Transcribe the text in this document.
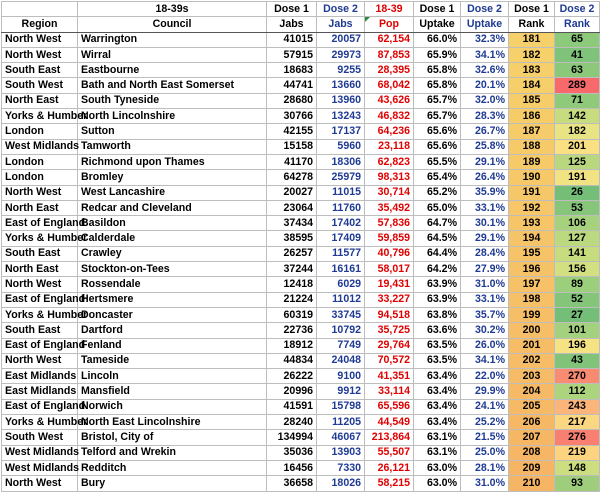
	18-39s	Dose 1	Dose 2	18-39	Dose 1	Dose 2	Dose 1	Dose 2
Region	Council	Jabs	Jabs	Pop	Uptake	Uptake	Rank	Rank
North West	Warrington	41015	20057	62,154	66.0%	32.3%	181	65
North West	Wirral	57915	29973	87,853	65.9%	34.1%	182	41
South East	Eastbourne	18683	9255	28,395	65.8%	32.6%	183	63
South West	Bath and North East Somerset	44741	13660	68,042	65.8%	20.1%	184	289
North East	South Tyneside	28680	13960	43,626	65.7%	32.0%	185	71
Yorks & Humber	North Lincolnshire	30766	13243	46,832	65.7%	28.3%	186	142
London	Sutton	42155	17137	64,236	65.6%	26.7%	187	182
West Midlands	Tamworth	15158	5960	23,118	65.6%	25.8%	188	201
London	Richmond upon Thames	41170	18306	62,823	65.5%	29.1%	189	125
London	Bromley	64278	25979	98,313	65.4%	26.4%	190	191
North West	West Lancashire	20027	11015	30,714	65.2%	35.9%	191	26
North East	Redcar and Cleveland	23064	11760	35,492	65.0%	33.1%	192	53
East of England	Basildon	37434	17402	57,836	64.7%	30.1%	193	106
Yorks & Humber	Calderdale	38595	17409	59,859	64.5%	29.1%	194	127
South East	Crawley	26257	11577	40,796	64.4%	28.4%	195	141
North East	Stockton-on-Tees	37244	16161	58,017	64.2%	27.9%	196	156
North West	Rossendale	12418	6029	19,431	63.9%	31.0%	197	89
East of England	Hertsmere	21224	11012	33,227	63.9%	33.1%	198	52
Yorks & Humber	Doncaster	60319	33745	94,518	63.8%	35.7%	199	27
South East	Dartford	22736	10792	35,725	63.6%	30.2%	200	101
East of England	Fenland	18912	7749	29,764	63.5%	26.0%	201	196
North West	Tameside	44834	24048	70,572	63.5%	34.1%	202	43
East Midlands	Lincoln	26222	9100	41,351	63.4%	22.0%	203	270
East Midlands	Mansfield	20996	9912	33,114	63.4%	29.9%	204	112
East of England	Norwich	41591	15798	65,596	63.4%	24.1%	205	243
Yorks & Humber	North East Lincolnshire	28240	11205	44,549	63.4%	25.2%	206	217
South West	Bristol, City of	134994	46067	213,864	63.1%	21.5%	207	276
West Midlands	Telford and Wrekin	35036	13903	55,507	63.1%	25.0%	208	219
West Midlands	Redditch	16456	7330	26,121	63.0%	28.1%	209	148
North West	Bury	36658	18026	58,215	63.0%	31.0%	210	93
